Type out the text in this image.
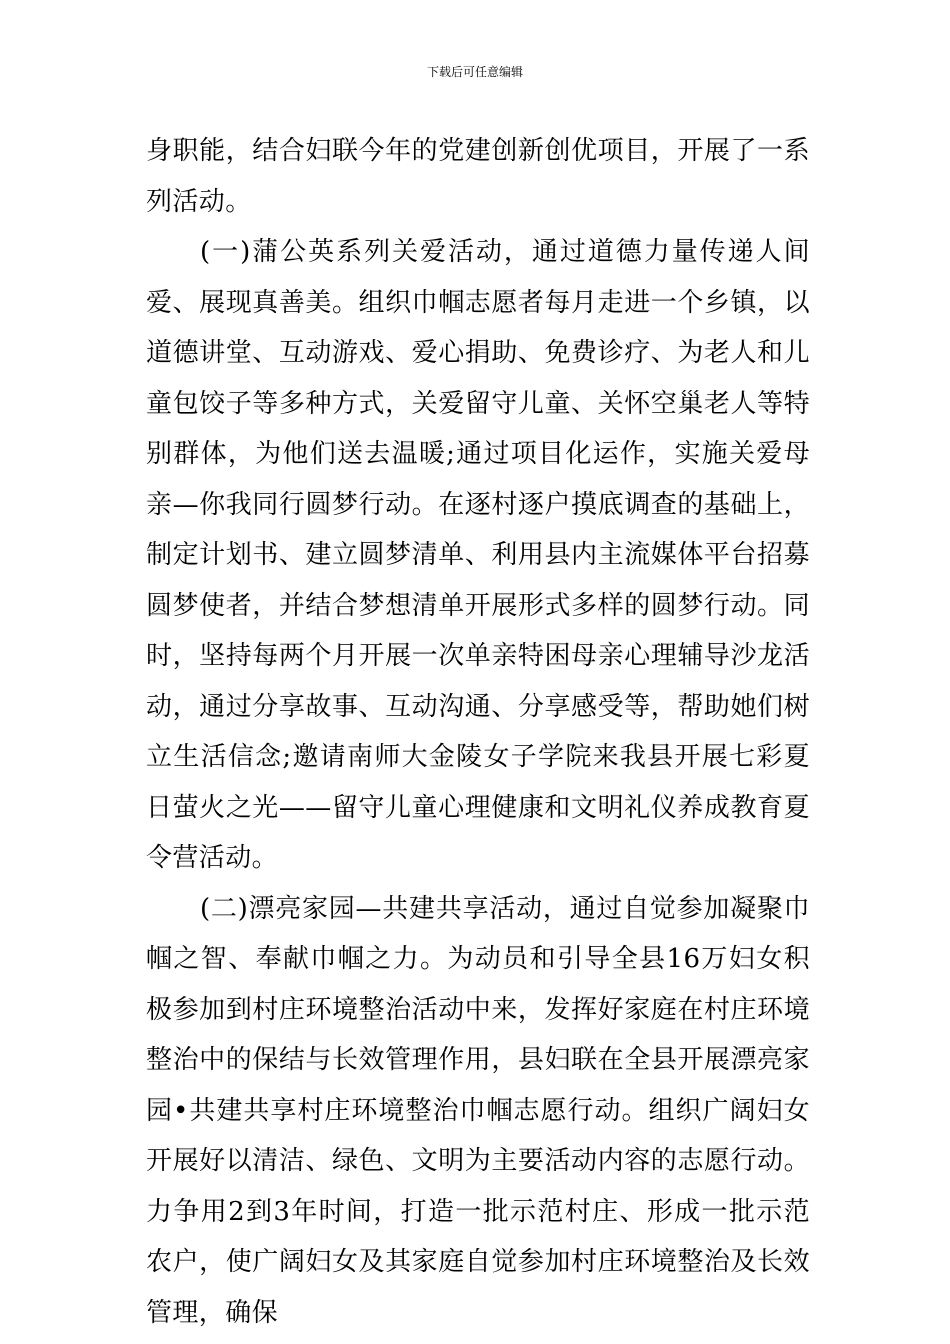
下载后可任意编辑

身职能，结合妇联今年的党建创新创优项目，开展了一系列活动。

(一)蒲公英系列关爱活动，通过道德力量传递人间爱、展现真善美。组织巾帼志愿者每月走进一个乡镇，以道德讲堂、互动游戏、爱心捐助、免费诊疗、为老人和儿童包饺子等多种方式，关爱留守儿童、关怀空巢老人等特别群体，为他们送去温暖;通过项目化运作，实施关爱母亲—你我同行圆梦行动。在逐村逐户摸底调查的基础上，制定计划书、建立圆梦清单、利用县内主流媒体平台招募圆梦使者，并结合梦想清单开展形式多样的圆梦行动。同时，坚持每两个月开展一次单亲特困母亲心理辅导沙龙活动，通过分享故事、互动沟通、分享感受等，帮助她们树立生活信念;邀请南师大金陵女子学院来我县开展七彩夏日萤火之光——留守儿童心理健康和文明礼仪养成教育夏令营活动。

(二)漂亮家园—共建共享活动，通过自觉参加凝聚巾帼之智、奉献巾帼之力。为动员和引导全县16万妇女积极参加到村庄环境整治活动中来，发挥好家庭在村庄环境整治中的保结与长效管理作用，县妇联在全县开展漂亮家园•共建共享村庄环境整治巾帼志愿行动。组织广阔妇女开展好以清洁、绿色、文明为主要活动内容的志愿行动。力争用2到3年时间，打造一批示范村庄、形成一批示范农户，使广阔妇女及其家庭自觉参加村庄环境整治及长效管理，确保
